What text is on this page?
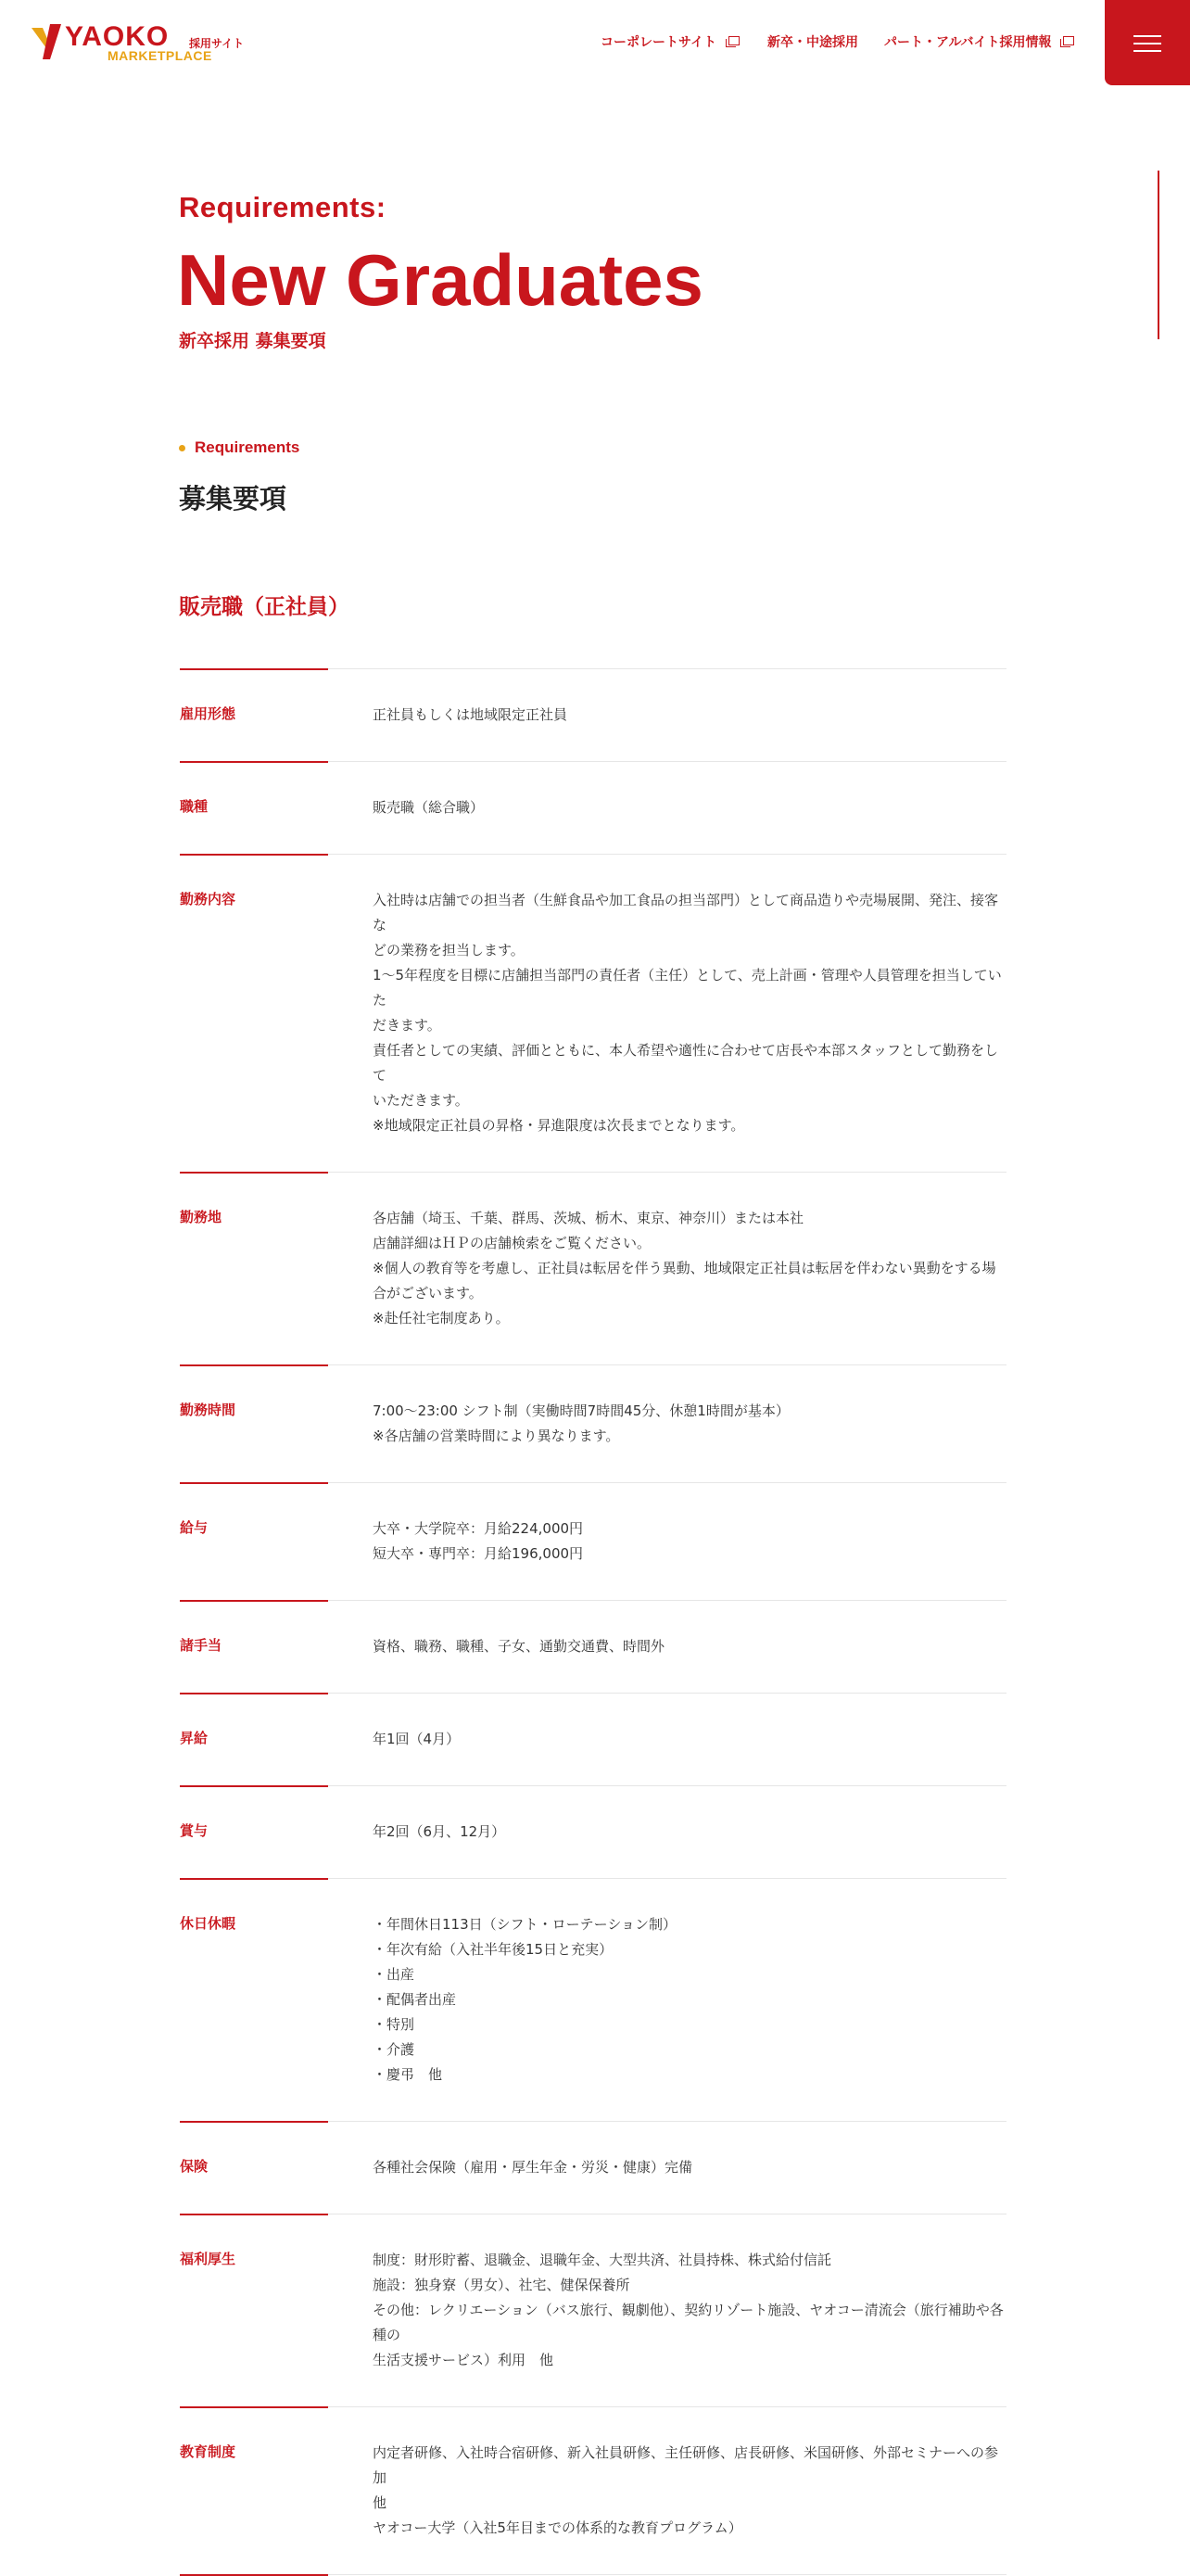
YAOKO
MARKETPLACE
採用サイト	コーポレートサイト	新卒・中途採用 パート・アルバイト採用情報
Requirements:
New Graduates
新卒採用 募集要項
Requirements
募集要項
販売職（正社員）
雇用形態	正社員もしくは地域限定正社員
職種	販売職（総合職）
勤務内容	入社時は店舗での担当者（生鮮食品や加工食品の担当部門）として商品造りや売場展開、発注、接客な
どの業務を担当します。
1〜5年程度を目標に店舗担当部門の責任者（主任）として、売上計画・管理や人員管理を担当していた
だきます。
責任者としての実績、評価とともに、本人希望や適性に合わせて店長や本部スタッフとして勤務をして
いただきます。
※地域限定正社員の昇格・昇進限度は次長までとなります。
勤務地	各店舗（埼玉、千葉、群馬、茨城、栃木、東京、神奈川）または本社
店舗詳細はＨＰの店舗検索をご覧ください。
※個人の教育等を考慮し、正社員は転居を伴う異動、地域限定正社員は転居を伴わない異動をする場
合がございます。
※赴任社宅制度あり。
勤務時間	7:00〜23:00 シフト制（実働時間7時間45分、休憩1時間が基本）
※各店舗の営業時間により異なります。
給与	大卒・大学院卒：月給224,000円
短大卒・専門卒：月給196,000円
諸手当	資格、職務、職種、子女、通勤交通費、時間外
昇給	年1回（4月）
賞与	年2回（6月、12月）
休日休暇	・年間休日113日（シフト・ローテーション制）
・年次有給（入社半年後15日と充実）
・出産
・配偶者出産
・特別
・介護
・慶弔　他
保険	各種社会保険（雇用・厚生年金・労災・健康）完備
福利厚生	制度：財形貯蓄、退職金、退職年金、大型共済、社員持株、株式給付信託
施設：独身寮（男女）、社宅、健保保養所
その他：レクリエーション（バス旅行、観劇他）、契約リゾート施設、ヤオコー清流会（旅行補助や各種の
生活支援サービス）利用　他
教育制度	内定者研修、入社時合宿研修、新入社員研修、主任研修、店長研修、米国研修、外部セミナーへの参加
他
ヤオコー大学（入社5年目までの体系的な教育プログラム）
